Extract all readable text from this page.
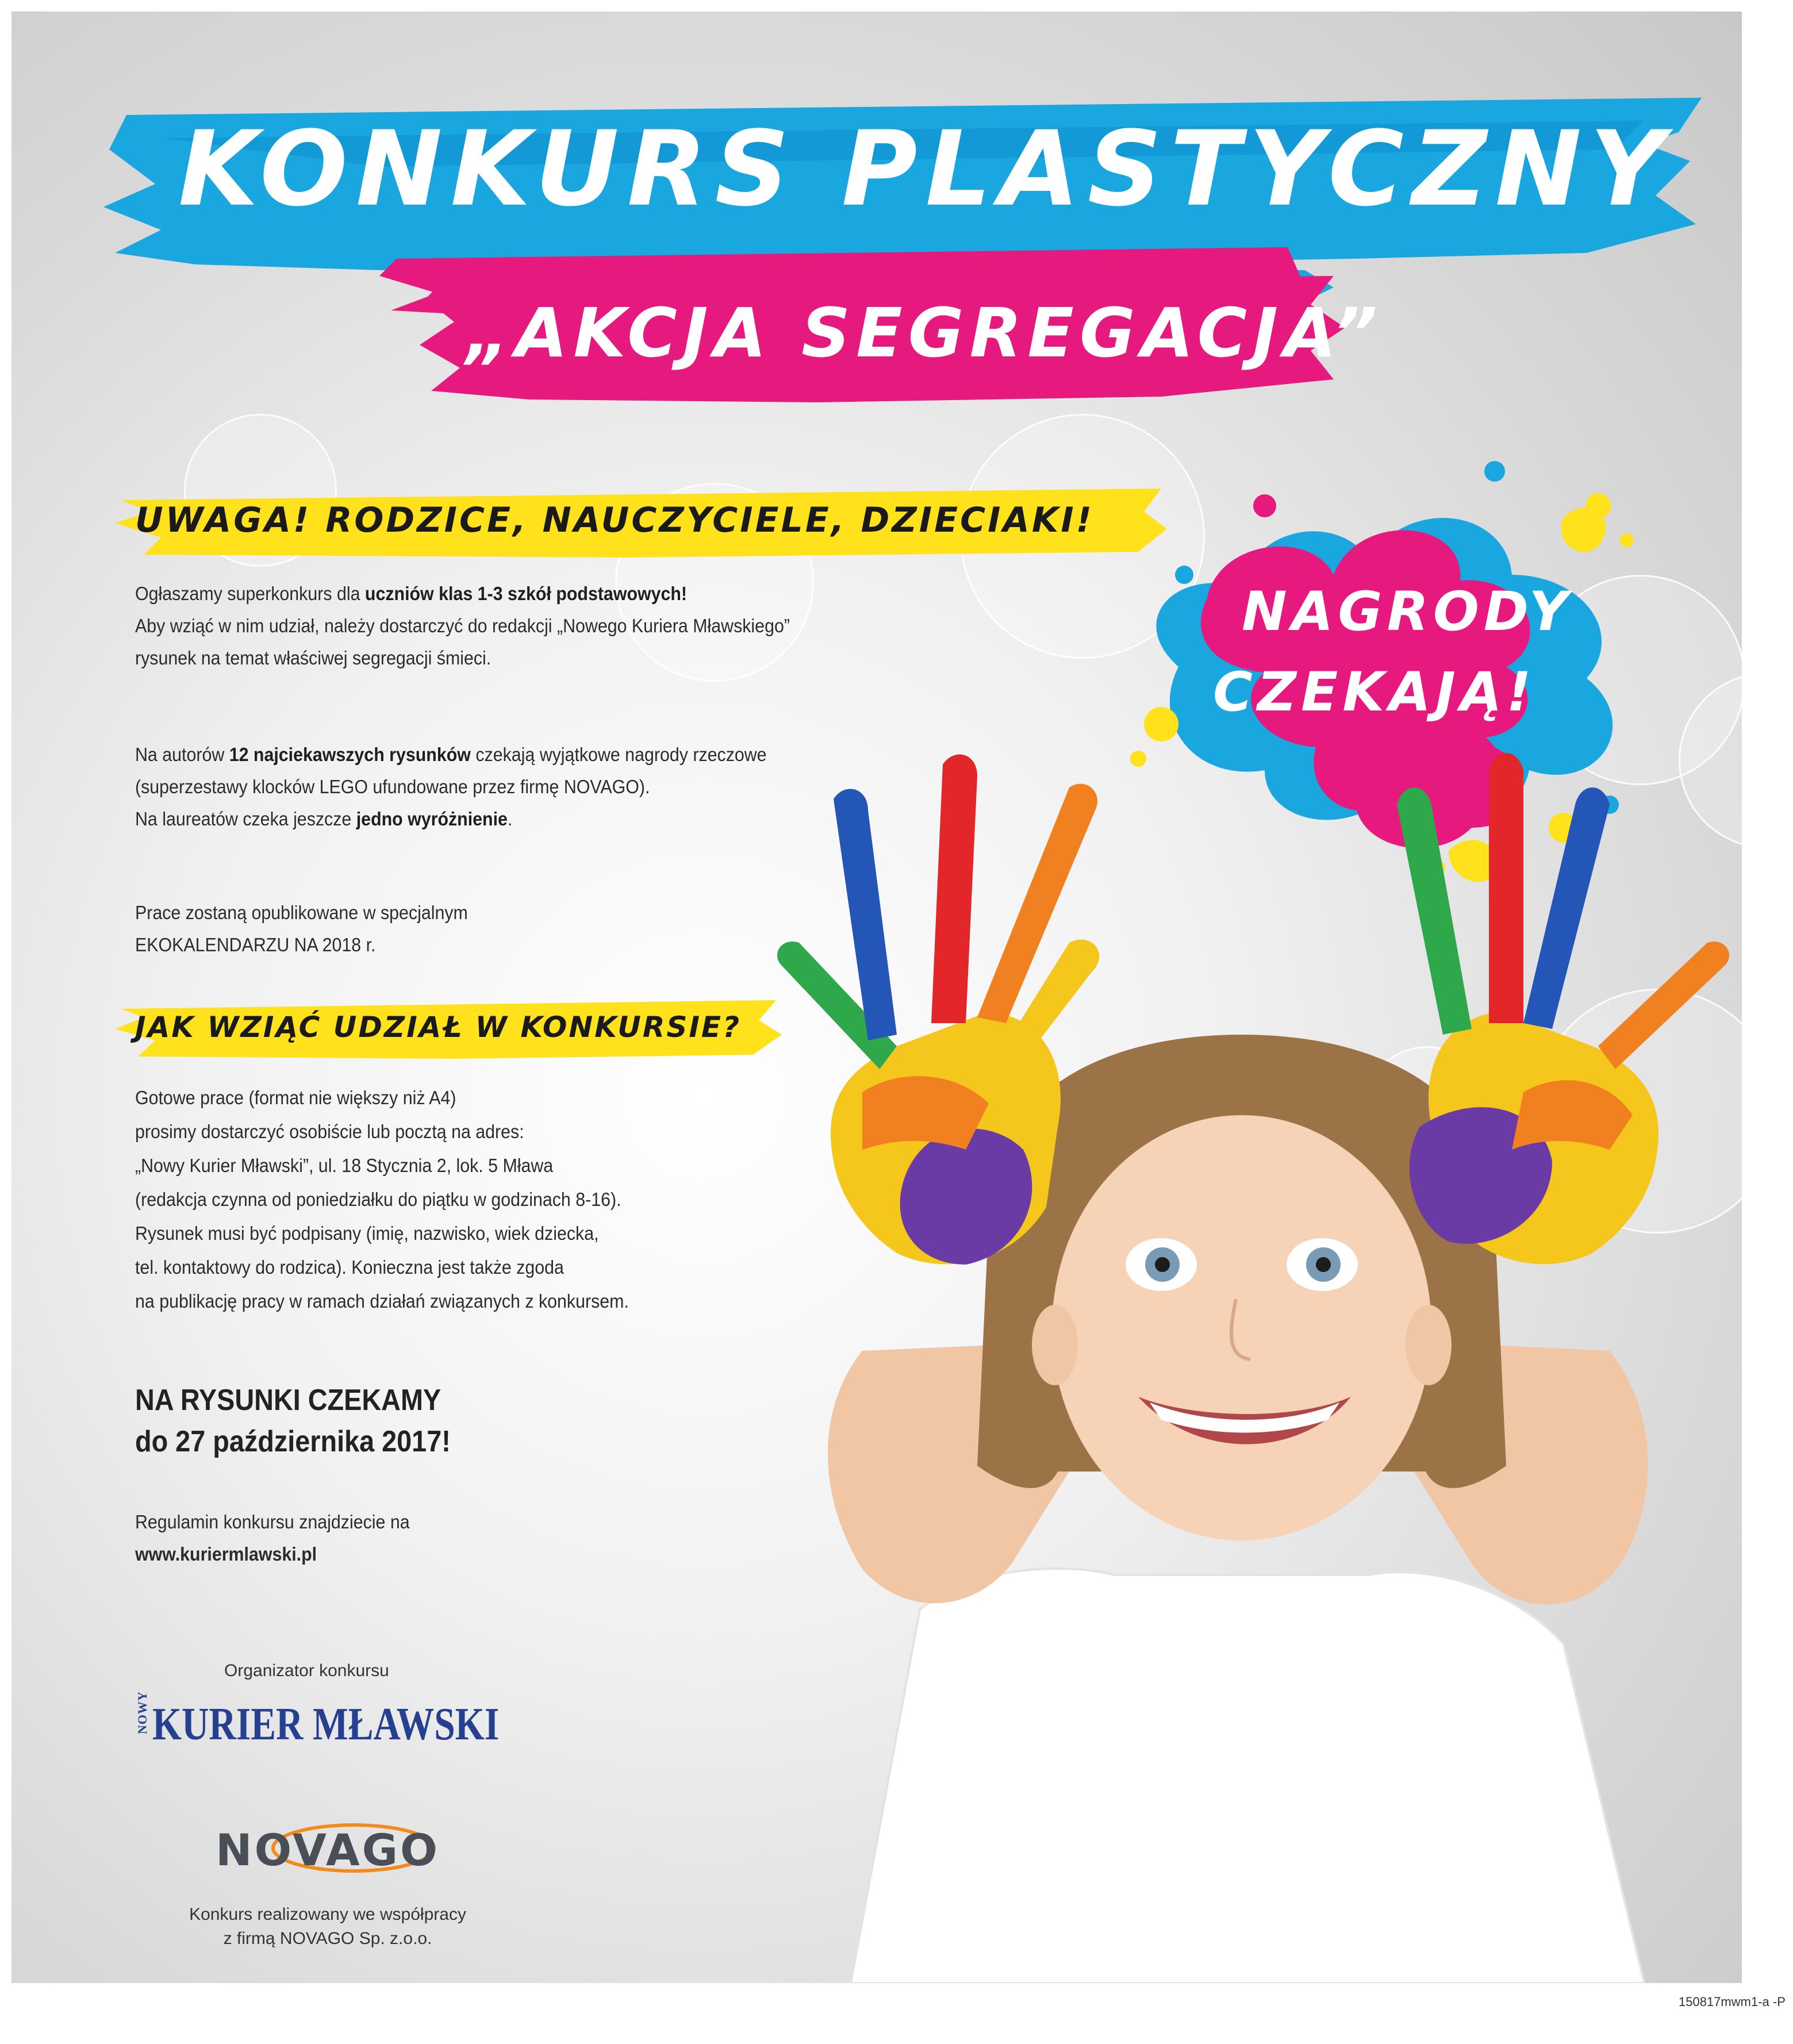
KONKURS PLASTYCZNY
„AKCJA SEGREGACJA”
NAGRODY
CZEKAJĄ!
UWAGA! RODZICE, NAUCZYCIELE, DZIECIAKI!
Ogłaszamy superkonkurs dla uczniów klas 1-3 szkół podstawowych!
Aby wziąć w nim udział, należy dostarczyć do redakcji „Nowego Kuriera Mławskiego”
rysunek na temat właściwej segregacji śmieci.
Na autorów 12 najciekawszych rysunków czekają wyjątkowe nagrody rzeczowe
(superzestawy klocków LEGO ufundowane przez firmę NOVAGO).
Na laureatów czeka jeszcze jedno wyróżnienie.
Prace zostaną opublikowane w specjalnym
EKOKALENDARZU NA 2018 r.
JAK WZIĄĆ UDZIAŁ W KONKURSIE?
Gotowe prace (format nie większy niż A4)
prosimy dostarczyć osobiście lub pocztą na adres:
„Nowy Kurier Mławski”, ul. 18 Stycznia 2, lok. 5 Mława
(redakcja czynna od poniedziałku do piątku w godzinach 8-16).
Rysunek musi być podpisany (imię, nazwisko, wiek dziecka,
tel. kontaktowy do rodzica). Konieczna jest także zgoda
na publikację pracy w ramach działań związanych z konkursem.
NA RYSUNKI CZEKAMY
do 27 października 2017!
Regulamin konkursu znajdziecie na
www.kuriermlawski.pl
Organizator konkursu
NOWY KURIER MŁAWSKI
NOVAGO
Konkurs realizowany we współpracy
z firmą NOVAGO Sp. z.o.o.
150817mwm1-a -P
